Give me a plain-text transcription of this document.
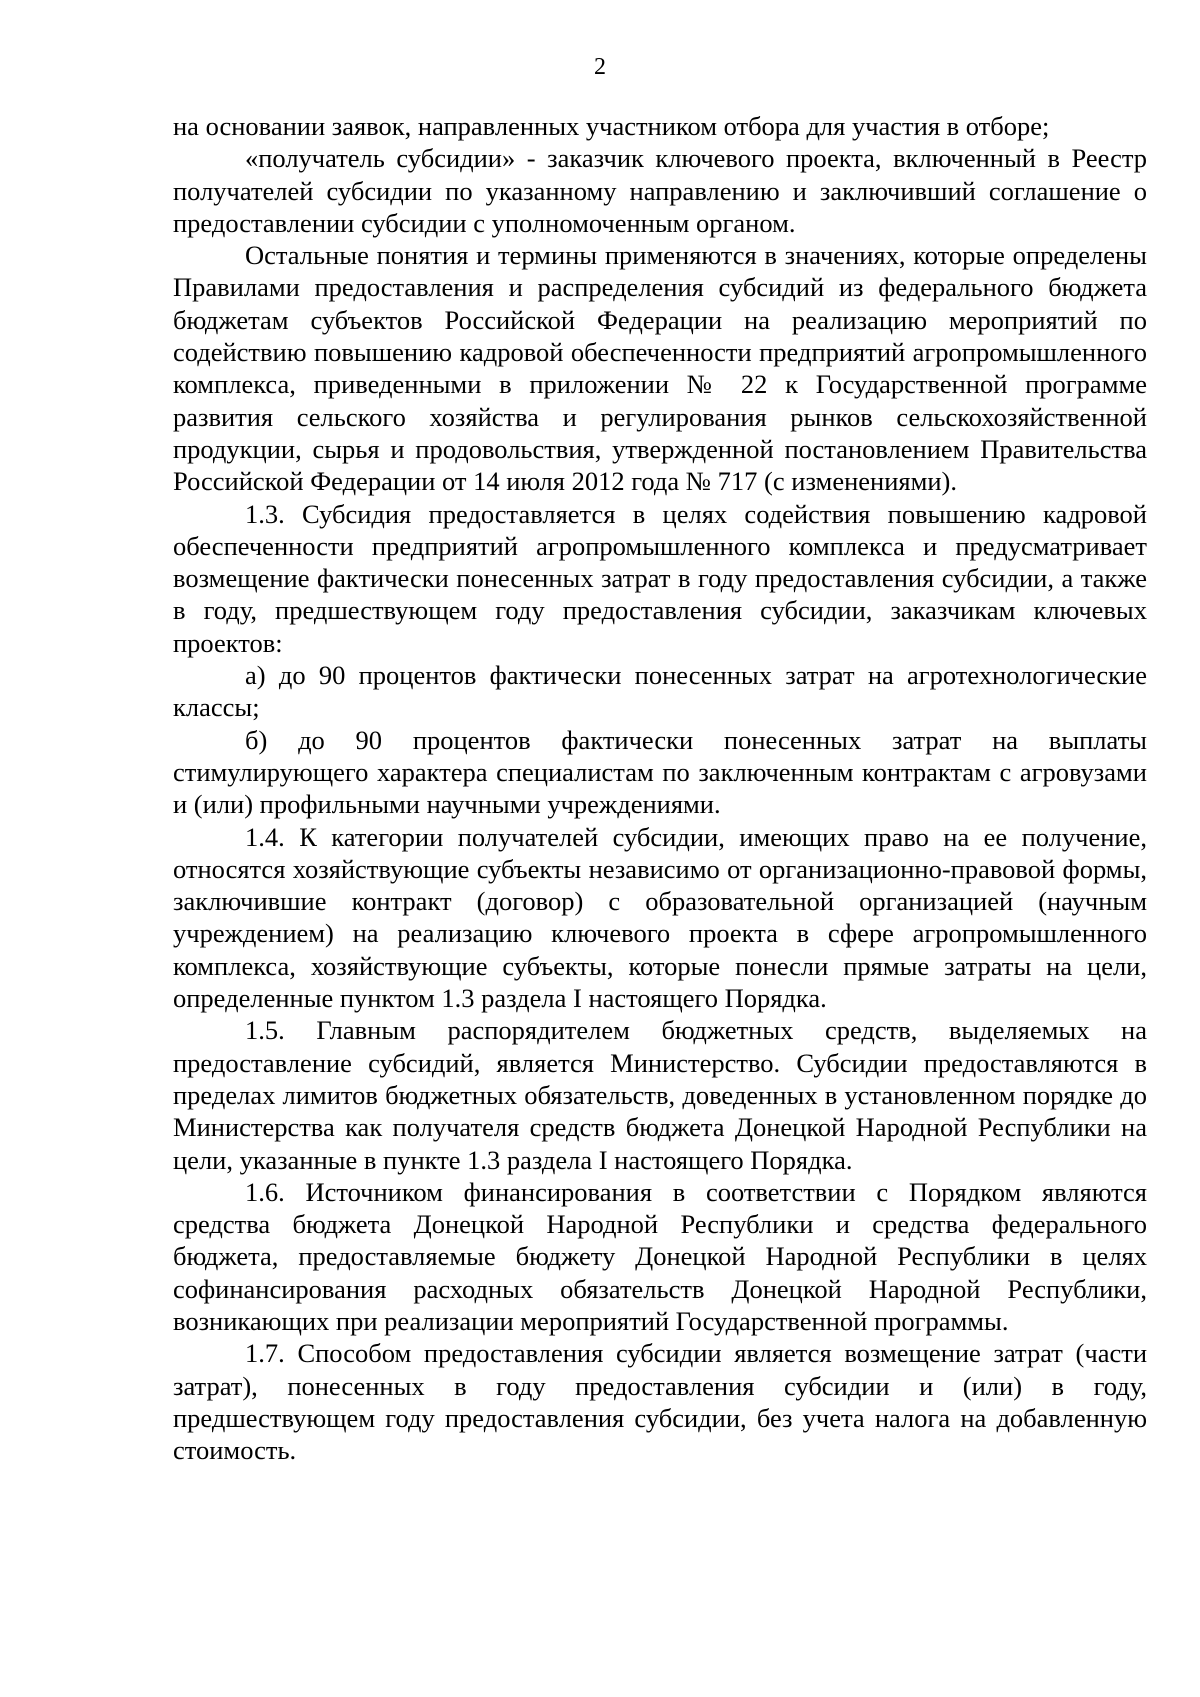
2

на основании заявок, направленных участником отбора для участия в отборе;

«получатель субсидии» - заказчик ключевого проекта, включенный в Реестр получателей субсидии по указанному направлению и заключивший соглашение о предоставлении субсидии с уполномоченным органом.

Остальные понятия и термины применяются в значениях, которые определены Правилами предоставления и распределения субсидий из федерального бюджета бюджетам субъектов Российской Федерации на реализацию мероприятий по содействию повышению кадровой обеспеченности предприятий агропромышленного комплекса, приведенными в приложении № 22 к Государственной программе развития сельского хозяйства и регулирования рынков сельскохозяйственной продукции, сырья и продовольствия, утвержденной постановлением Правительства Российской Федерации от 14 июля 2012 года № 717 (с изменениями).

1.3. Субсидия предоставляется в целях содействия повышению кадровой обеспеченности предприятий агропромышленного комплекса и предусматривает возмещение фактически понесенных затрат в году предоставления субсидии, а также в году, предшествующем году предоставления субсидии, заказчикам ключевых проектов:

а) до 90 процентов фактически понесенных затрат на агротехнологические классы;

б) до 90 процентов фактически понесенных затрат на выплаты стимулирующего характера специалистам по заключенным контрактам с агровузами и (или) профильными научными учреждениями.

1.4. К категории получателей субсидии, имеющих право на ее получение, относятся хозяйствующие субъекты независимо от организационно-правовой формы, заключившие контракт (договор) с образовательной организацией (научным учреждением) на реализацию ключевого проекта в сфере агропромышленного комплекса, хозяйствующие субъекты, которые понесли прямые затраты на цели, определенные пунктом 1.3 раздела I настоящего Порядка.

1.5. Главным распорядителем бюджетных средств, выделяемых на предоставление субсидий, является Министерство. Субсидии предоставляются в пределах лимитов бюджетных обязательств, доведенных в установленном порядке до Министерства как получателя средств бюджета Донецкой Народной Республики на цели, указанные в пункте 1.3 раздела I настоящего Порядка.

1.6. Источником финансирования в соответствии с Порядком являются средства бюджета Донецкой Народной Республики и средства федерального бюджета, предоставляемые бюджету Донецкой Народной Республики в целях софинансирования расходных обязательств Донецкой Народной Республики, возникающих при реализации мероприятий Государственной программы.

1.7. Способом предоставления субсидии является возмещение затрат (части затрат), понесенных в году предоставления субсидии и (или) в году, предшествующем году предоставления субсидии, без учета налога на добавленную стоимость.
